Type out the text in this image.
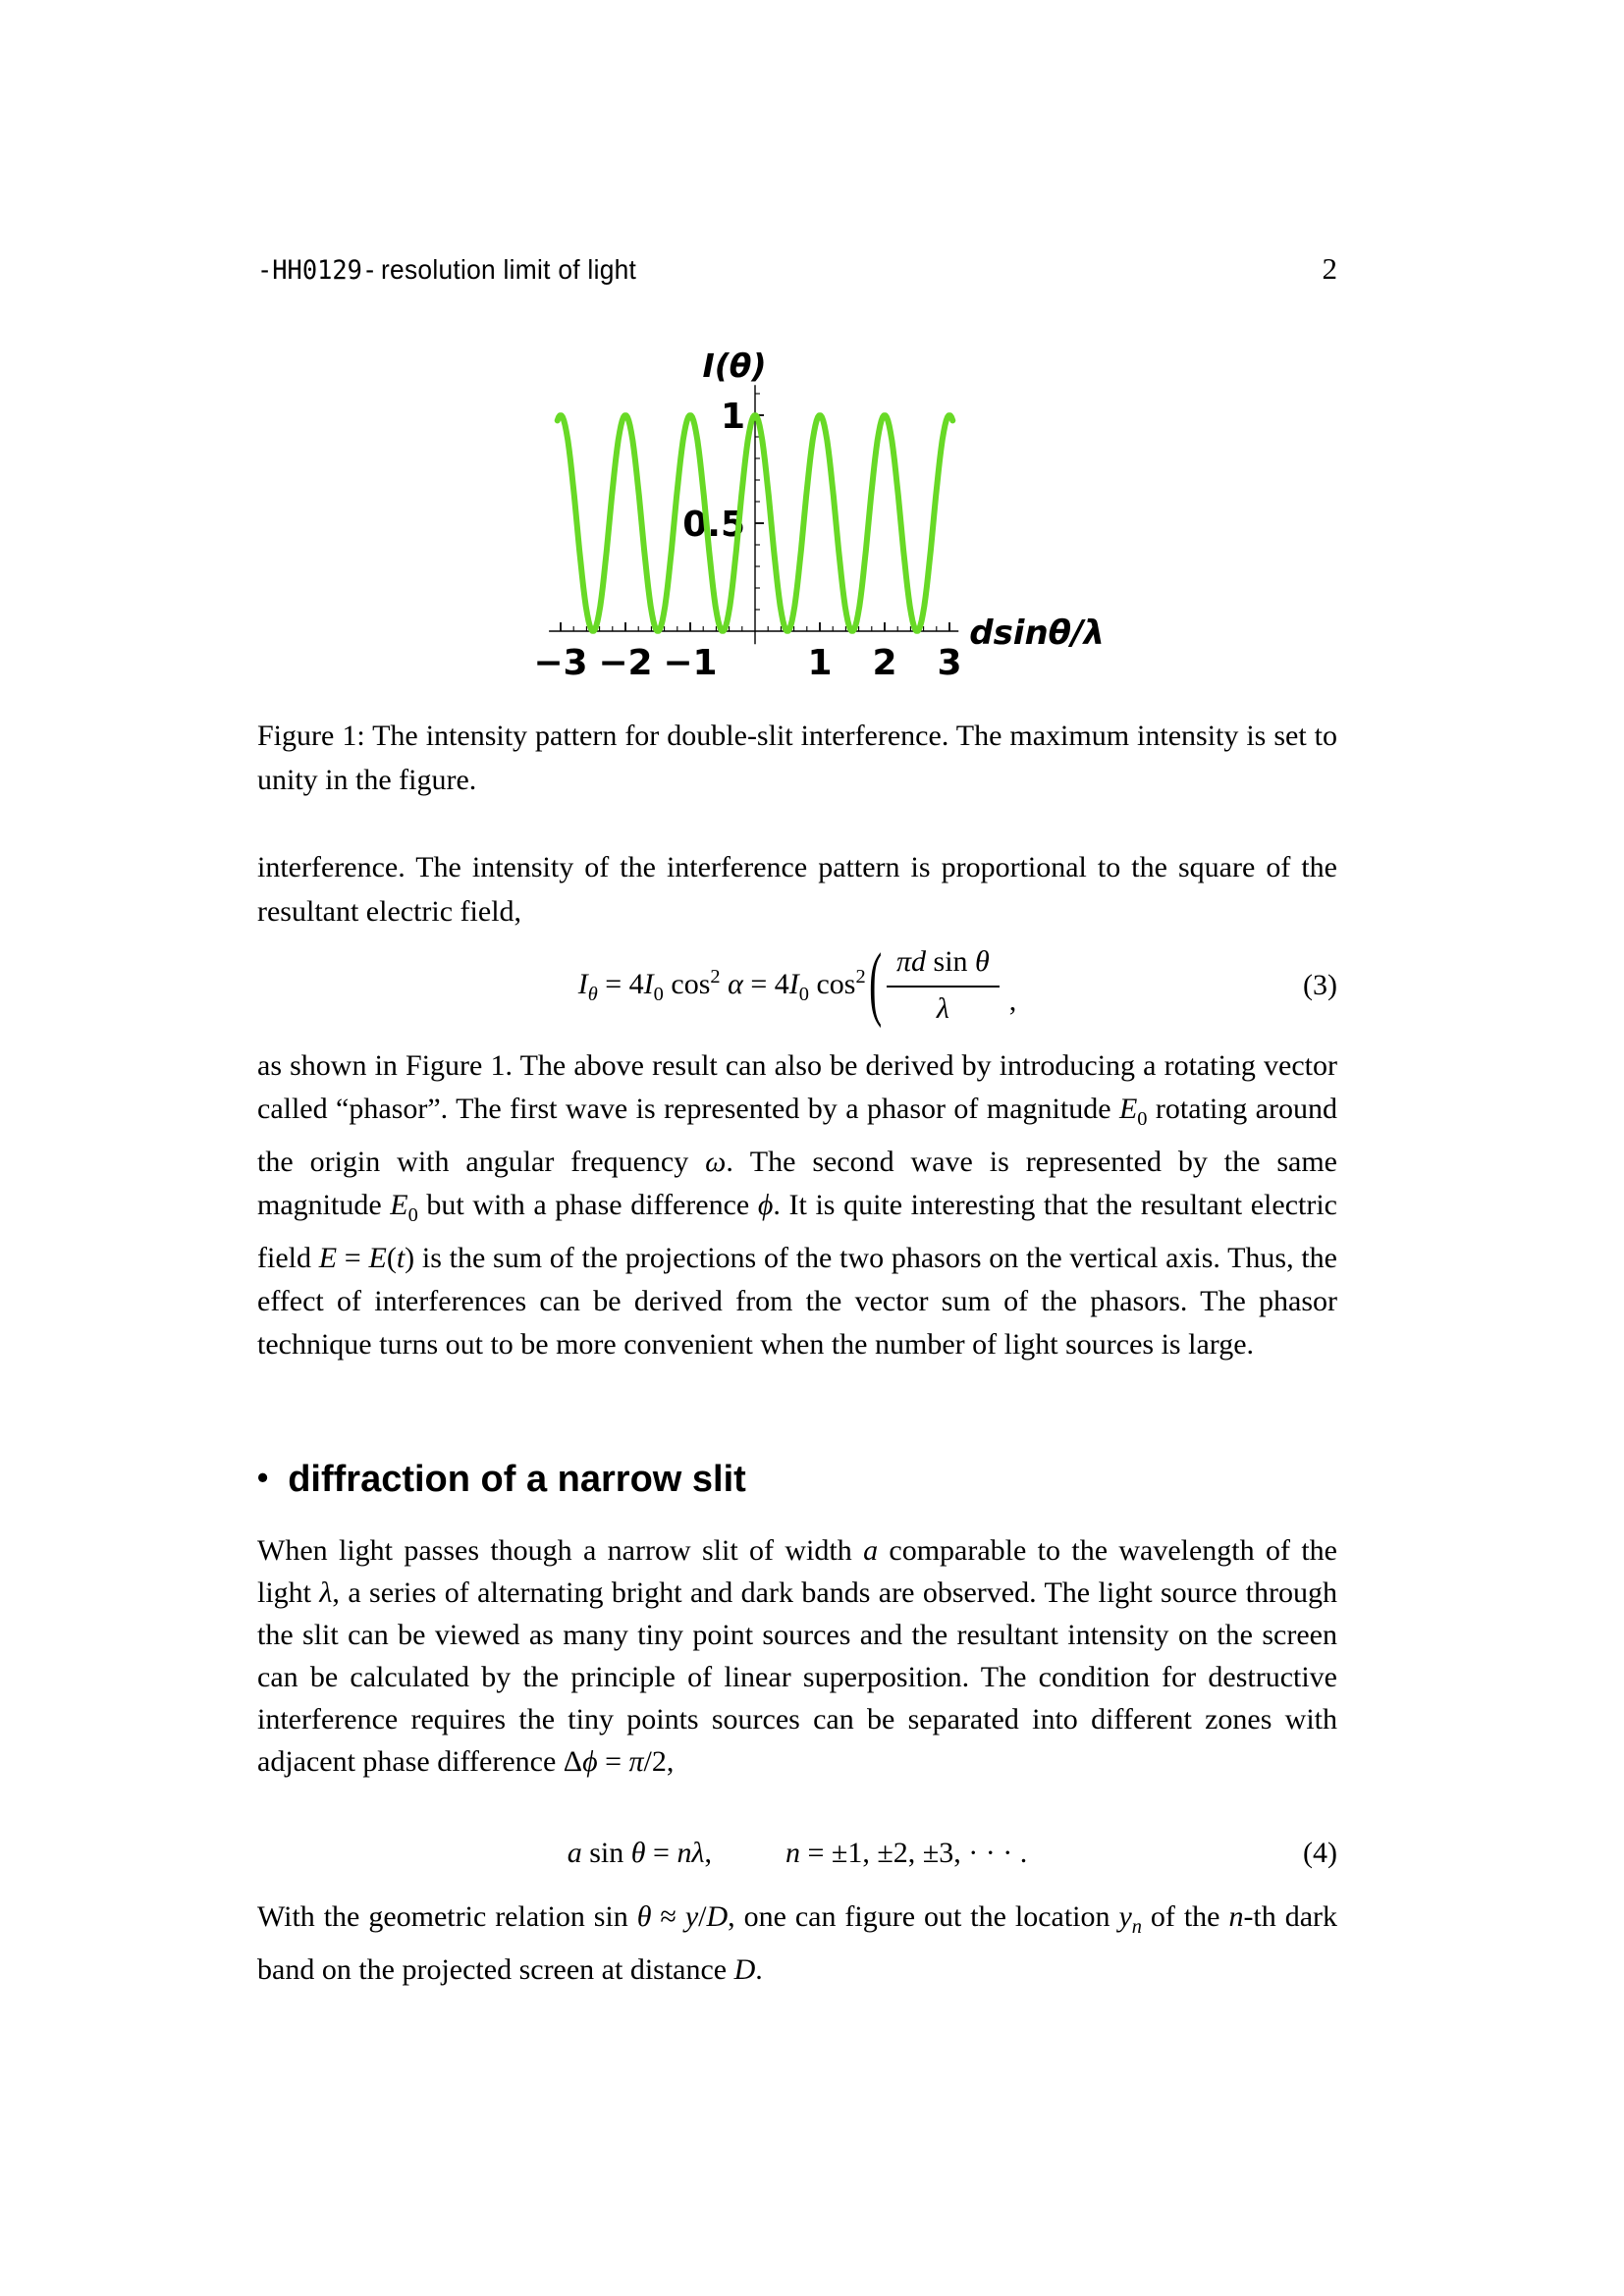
-HH0129- resolution limit of light	2
−3 −2 −1	1 2 3
0.5
1
I(θ)
dsinθ/λ
Figure 1: The intensity pattern for double-slit interference. The maximum intensity is set to unity in the figure.
interference. The intensity of the interference pattern is proportional to the square of the resultant electric field,
$I_\theta = 4I_0$ $\cos^2 \alpha = 4I_0$ $\cos^2$ ( $\frac{\text{πd sin θ}}{\lambda}$ ,	(3)
as shown in Figure 1. The above result can also be derived by introducing a rotating vector called “phasor”. The first wave is represented by a phasor of magnitude $E_0$ rotating around the origin with angular frequency ω. The second wave is represented by the same magnitude $E_0$ but with a phase difference ϕ. It is quite interesting that the resultant electric field E = E(t) is the sum of the projections of the two phasors on the vertical axis. Thus, the effect of interferences can be derived from the vector sum of the phasors. The phasor technique turns out to be more convenient when the number of light sources is large.
• diffraction of a narrow slit
When light passes though a narrow slit of width a comparable to the wavelength of the light λ, a series of alternating bright and dark bands are observed. The light source through the slit can be viewed as many tiny point sources and the resultant intensity on the screen can be calculated by the principle of linear superposition. The condition for destructive interference requires the tiny points sources can be separated into different zones with adjacent phase difference Δϕ = π/2,
a sin θ = nλ,   n = ±1, ±2, ±3, · · · .	(4)
With the geometric relation sin θ ≈ y/D, one can figure out the location $y_n$ of the n-th dark band on the projected screen at distance D.
